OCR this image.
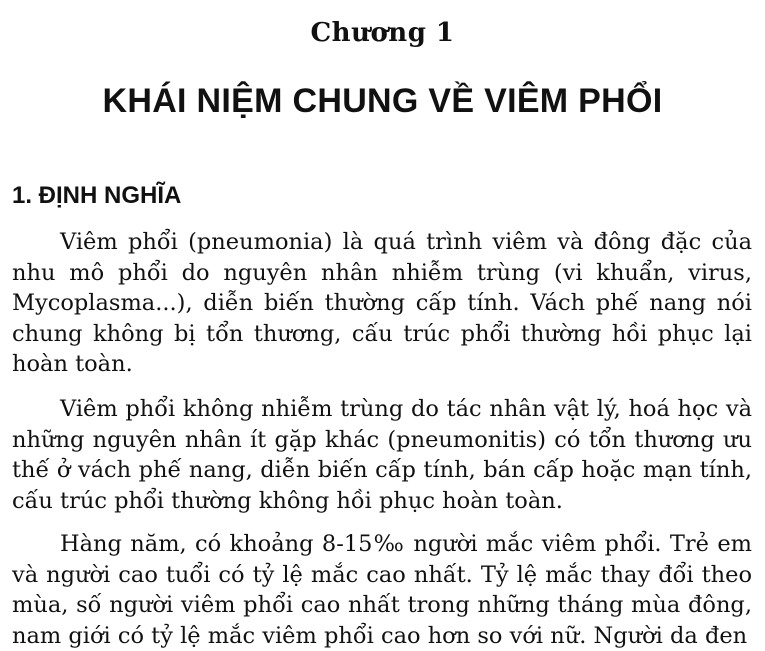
Chương 1
KHÁI NIỆM CHUNG VỀ VIÊM PHỔI
1. ĐỊNH NGHĨA

Viêm phổi (pneumonia) là quá trình viêm và đông đặc của nhu mô phổi do nguyên nhân nhiễm trùng (vi khuẩn, virus, Mycoplasma...), diễn biến thường cấp tính. Vách phế nang nói chung không bị tổn thương, cấu trúc phổi thường hồi phục lại hoàn toàn.

Viêm phổi không nhiễm trùng do tác nhân vật lý, hoá học và những nguyên nhân ít gặp khác (pneumonitis) có tổn thương ưu thế ở vách phế nang, diễn biến cấp tính, bán cấp hoặc mạn tính, cấu trúc phổi thường không hồi phục hoàn toàn.

Hàng năm, có khoảng 8-15‰ người mắc viêm phổi. Trẻ em và người cao tuổi có tỷ lệ mắc cao nhất. Tỷ lệ mắc thay đổi theo mùa, số người viêm phổi cao nhất trong những tháng mùa đông, nam giới có tỷ lệ mắc viêm phổi cao hơn so với nữ. Người da đen
